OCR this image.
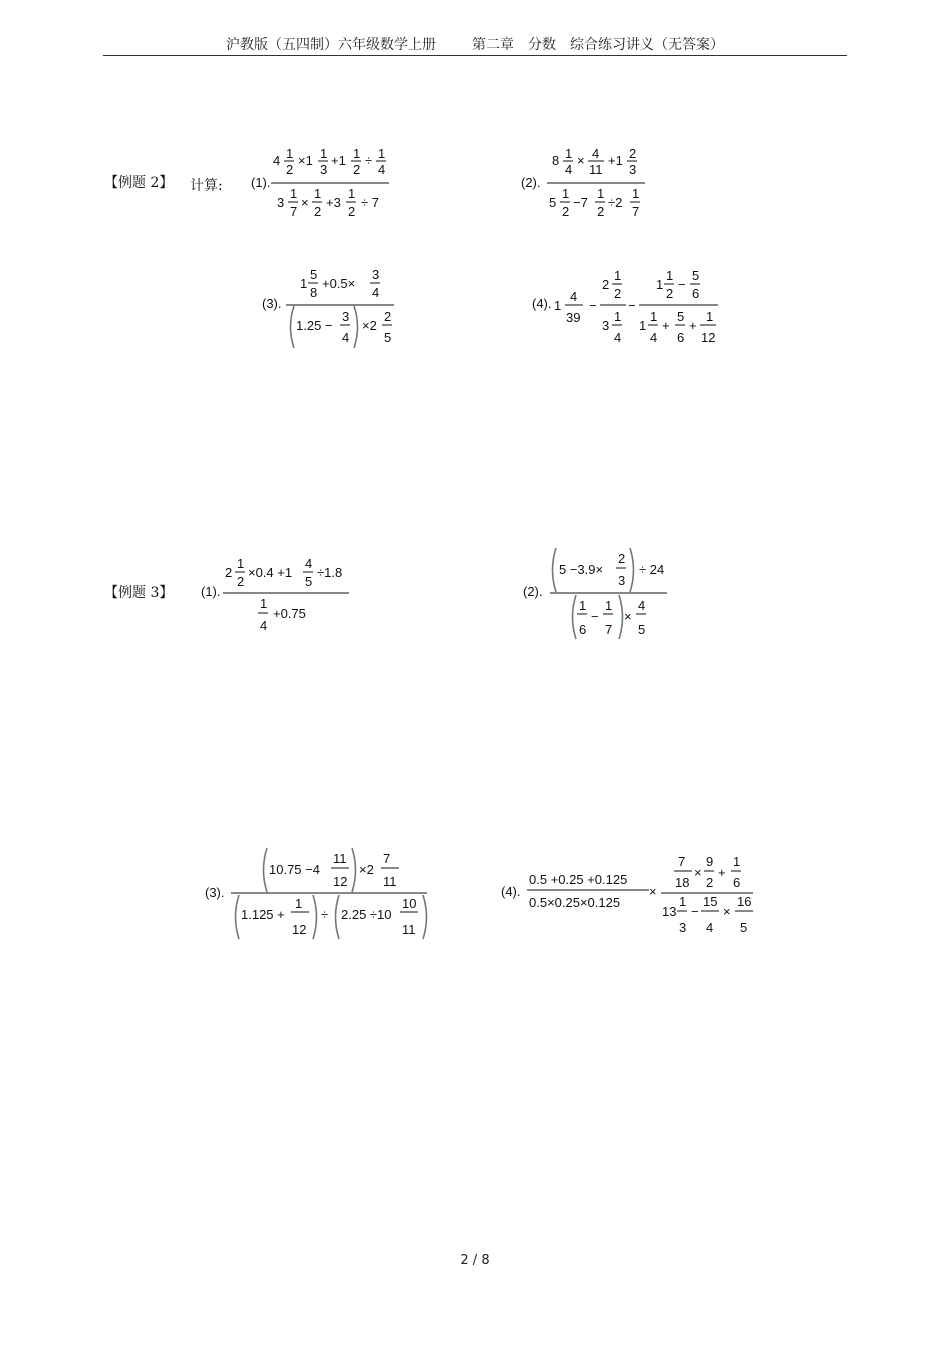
沪教版（五四制）六年级数学上册	第二章　分数　综合练习讲义（无答案）
【例题 2】 计算: (1).
4 1
2
×1 1
3
+1 1
2
÷ 1
4
3
1
7
×
1
2
+3
1
2
÷ 7
(2).
8 1
4
× 4
11
+1 2
3
5
1
2
−7
1
2
÷2
1
7
(3).
1
5
8
+0.5×
3
4
1.25 −
3
4
×2
2
5
(4). 1
4
39
−
2
1
2
3
1
4
−
1
1
2
−
5
6
1
1
4
+
5
6
+
1
12
【例题 3】 (1).
2
1
2
×0.4 +1
4
5
÷1.8
1
4
+0.75
(2).
5 −3.9×
2
3
÷ 24
1
6
−
1
7
×
4
5
(3).
10.75 −4
11
12
×2
7
11
1.125 +
1
12
÷ 2.25 ÷10
10
11
(4).
0.5 +0.25 +0.125
0.5×0.25×0.125
×
7
18
×
9
2
+
1
6
13
1
3
−
15
4
×
16
5
2 / 8
